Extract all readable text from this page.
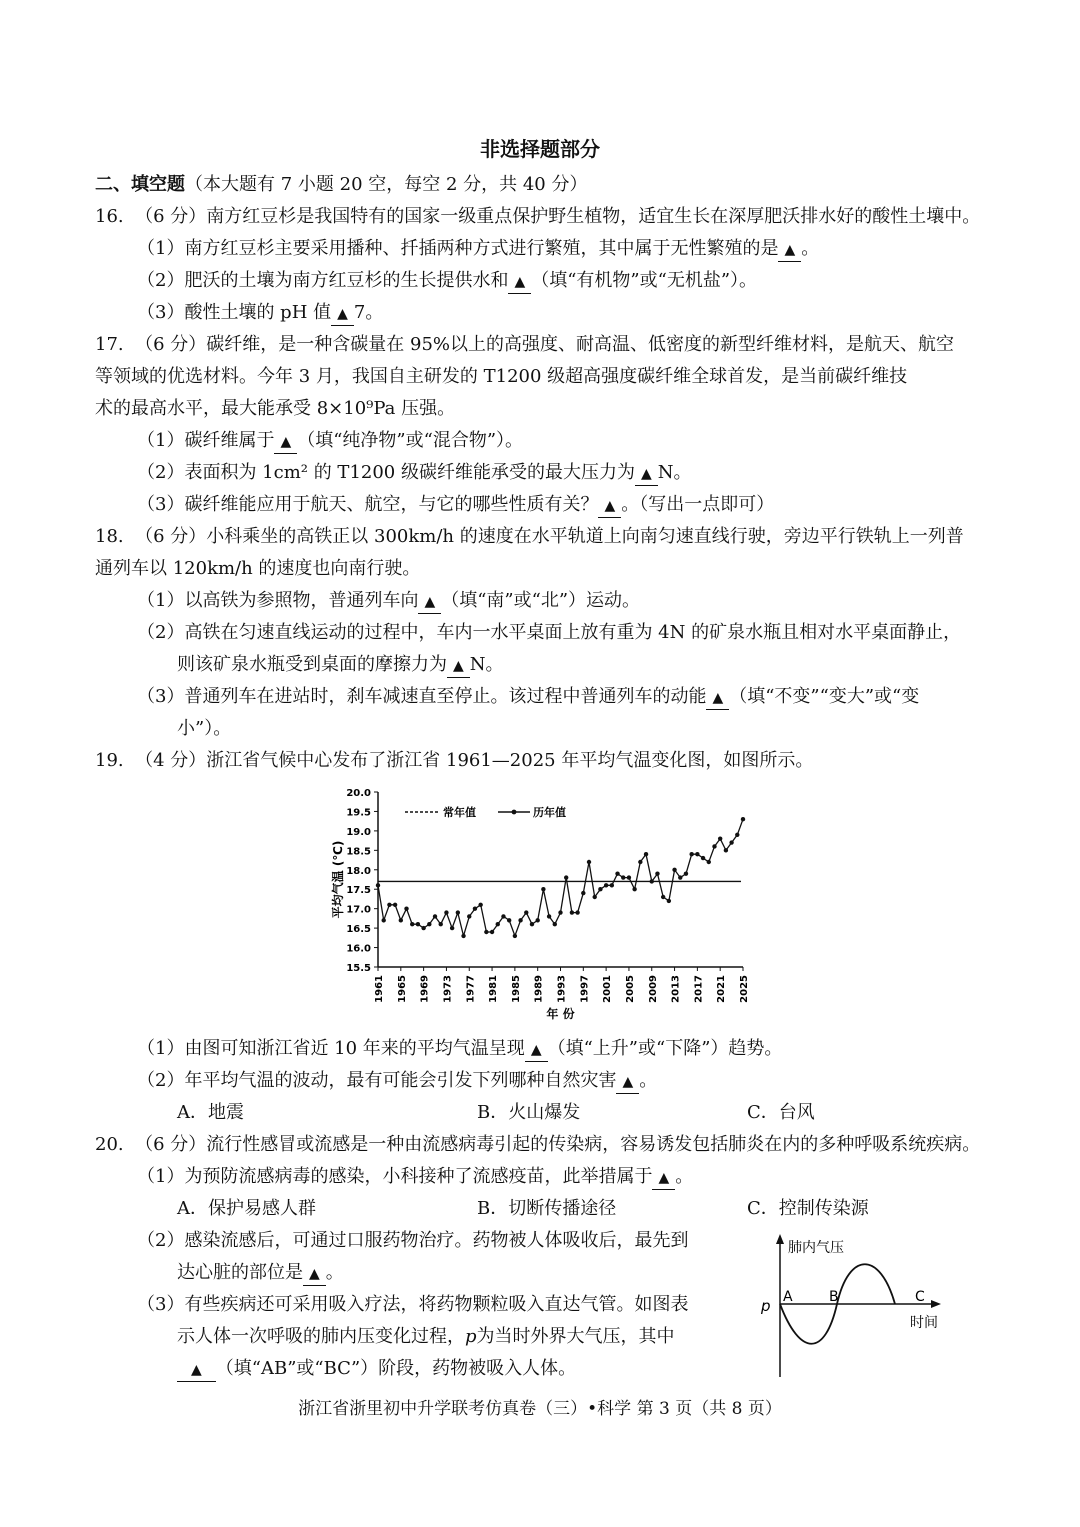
非选择题部分
二、填空题（本大题有 7 小题 20 空，每空 2 分，共 40 分）
16. （6 分）南方红豆杉是我国特有的国家一级重点保护野生植物，适宜生长在深厚肥沃排水好的酸性土壤中。
（1）南方红豆杉主要采用播种、扦插两种方式进行繁殖，其中属于无性繁殖的是 ▲ 。
（2）肥沃的土壤为南方红豆杉的生长提供水和 ▲ （填“有机物”或“无机盐”）。
（3）酸性土壤的 pH 值 ▲ 7。
17. （6 分）碳纤维，是一种含碳量在 95%以上的高强度、耐高温、低密度的新型纤维材料，是航天、航空
等领域的优选材料。今年 3 月，我国自主研发的 T1200 级超高强度碳纤维全球首发，是当前碳纤维技
术的最高水平，最大能承受 8×10⁹Pa 压强。
（1）碳纤维属于 ▲ （填“纯净物”或“混合物”）。
（2）表面积为 1cm² 的 T1200 级碳纤维能承受的最大压力为 ▲ N。
（3）碳纤维能应用于航天、航空，与它的哪些性质有关？ ▲ 。（写出一点即可）
18. （6 分）小科乘坐的高铁正以 300km/h 的速度在水平轨道上向南匀速直线行驶，旁边平行铁轨上一列普
通列车以 120km/h 的速度也向南行驶。
（1）以高铁为参照物，普通列车向 ▲ （填“南”或“北”）运动。
（2）高铁在匀速直线运动的过程中，车内一水平桌面上放有重为 4N 的矿泉水瓶且相对水平桌面静止，
则该矿泉水瓶受到桌面的摩擦力为 ▲ N。
（3）普通列车在进站时，刹车减速直至停止。该过程中普通列车的动能 ▲ （填“不变”“变大”或“变
小”）。
19. （4 分）浙江省气候中心发布了浙江省 1961—2025 年平均气温变化图，如图所示。
15.5
16.0
16.5
17.0
17.5
18.0
18.5
19.0
19.5
20.0
1961 1965 1969 1973 1977 1981 1985 1989 1993 1997 2001 2005 2009 2013 2017 2021 2025
常年值	历年值
平均气温 (℃)
年 份
（1）由图可知浙江省近 10 年来的平均气温呈现 ▲ （填“上升”或“下降”）趋势。
（2）年平均气温的波动，最有可能会引发下列哪种自然灾害 ▲ 。
A．地震	B．火山爆发	C．台风
20. （6 分）流行性感冒或流感是一种由流感病毒引起的传染病，容易诱发包括肺炎在内的多种呼吸系统疾病。
（1）为预防流感病毒的感染，小科接种了流感疫苗，此举措属于 ▲ 。
A．保护易感人群	B．切断传播途径	C．控制传染源
（2）感染流感后，可通过口服药物治疗。药物被人体吸收后，最先到
达心脏的部位是 ▲ 。
（3）有些疾病还可采用吸入疗法，将药物颗粒吸入直达气管。如图表
示人体一次呼吸的肺内压变化过程，p为当时外界大气压，其中
▲ （填“AB”或“BC”）阶段，药物被吸入人体。
肺内气压
时间
p A	B	C
浙江省浙里初中升学联考仿真卷（三）•科学 第 3 页（共 8 页）
